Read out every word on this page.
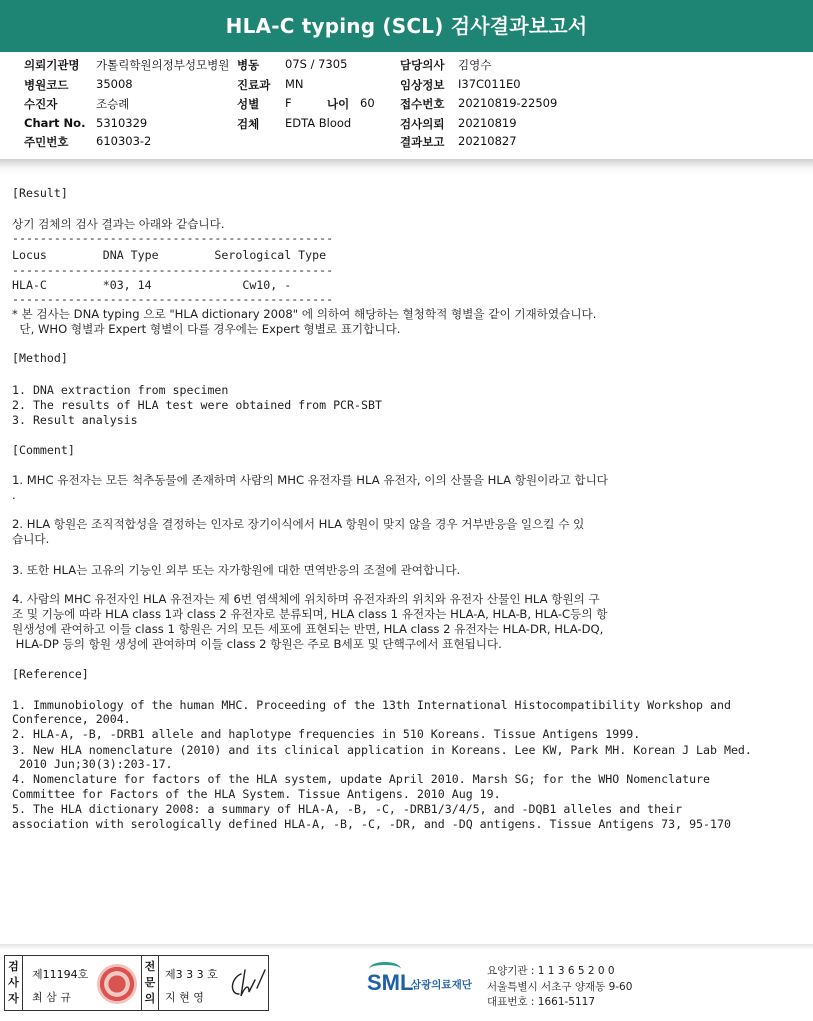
HLA-C typing (SCL) 검사결과보고서
의뢰기관명 가톨릭학원의정부성모병원
병원코드 35008
수진자	조승례
Chart No. 5310329
주민번호 610303-2
병동 07S / 7305
진료과 MN
성별 F	나이 60
검체 EDTA Blood
담당의사 김영수
임상정보 I37C011E0
접수번호 20210819-22509
검사의뢰 20210819
결과보고 20210827
[Result]
상기 검체의 검사 결과는 아래와 같습니다.
----------------------------------------------
Locus        DNA Type        Serological Type
----------------------------------------------
HLA-C        *03, 14             Cw10, -
----------------------------------------------
* 본 검사는 DNA typing 으로 "HLA dictionary 2008" 에 의하여 해당하는 혈청학적 형별을 같이 기재하였습니다.
단, WHO 형별과 Expert 형별이 다를 경우에는 Expert 형별로 표기합니다.
[Method]
1. DNA extraction from specimen
2. The results of HLA test were obtained from PCR-SBT
3. Result analysis
[Comment]
1. MHC 유전자는 모든 척추동물에 존재하며 사람의 MHC 유전자를 HLA 유전자, 이의 산물을 HLA 항원이라고 합니다
.
2. HLA 항원은 조직적합성을 결정하는 인자로 장기이식에서 HLA 항원이 맞지 않을 경우 거부반응을 일으킬 수 있
습니다.
3. 또한 HLA는 고유의 기능인 외부 또는 자가항원에 대한 면역반응의 조절에 관여합니다.
4. 사람의 MHC 유전자인 HLA 유전자는 제 6번 염색체에 위치하며 유전자좌의 위치와 유전자 산물인 HLA 항원의 구
조 및 기능에 따라 HLA class 1과 class 2 유전자로 분류되며, HLA class 1 유전자는 HLA-A, HLA-B, HLA-C등의 항
원생성에 관여하고 이들 class 1 항원은 거의 모든 세포에 표현되는 반면, HLA class 2 유전자는 HLA-DR, HLA-DQ,
HLA-DP 등의 항원 생성에 관여하며 이들 class 2 항원은 주로 B세포 및 단핵구에서 표현됩니다.
[Reference]
1. Immunobiology of the human MHC. Proceeding of the 13th International Histocompatibility Workshop and
Conference, 2004.
2. HLA-A, -B, -DRB1 allele and haplotype frequencies in 510 Koreans. Tissue Antigens 1999.
3. New HLA nomenclature (2010) and its clinical application in Koreans. Lee KW, Park MH. Korean J Lab Med.
2010 Jun;30(3):203-17.
4. Nomenclature for factors of the HLA system, update April 2010. Marsh SG; for the WHO Nomenclature
Committee for Factors of the HLA System. Tissue Antigens. 2010 Aug 19.
5. The HLA dictionary 2008: a summary of HLA-A, -B, -C, -DRB1/3/4/5, and -DQB1 alleles and their
association with serologically defined HLA-A, -B, -C, -DR, and -DQ antigens. Tissue Antigens 73, 95-170
검
사
자
제11194호
최 삼 규
전
문
의
제3 3 3 호
지 현 영
SML
삼광의료재단
요양기관 : 1 1 3 6 5 2 0 0
서울특별시 서초구 양재동 9-60
대표번호 : 1661-5117
